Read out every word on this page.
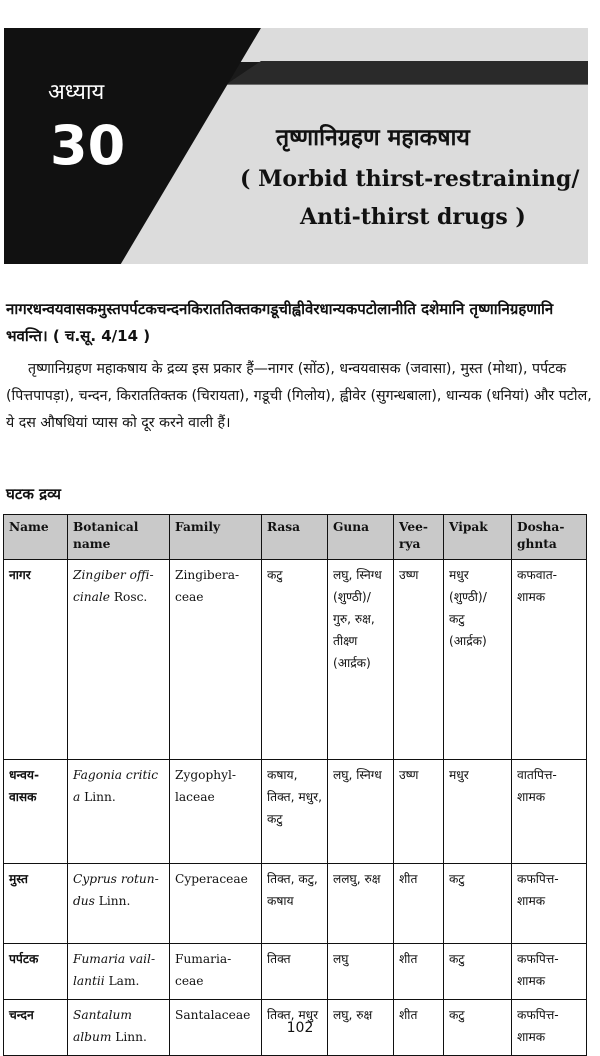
अध्याय
30	तृष्णानिग्रहण महाकषाय
( Morbid thirst-restraining/
Anti-thirst drugs )
नागरधन्वयवासकमुस्तपर्पटकचन्दनकिराततिक्तकगडूचीह्वीवेरधान्यकपटोलानीति दशेमानि तृष्णानिग्रहणानि भवन्ति। ( च.सू. 4/14 )
तृष्णानिग्रहण महाकषाय के द्रव्य इस प्रकार हैं—नागर (सोंठ), धन्वयवासक (जवासा), मुस्त (मोथा), पर्पटक (पित्तपापड़ा), चन्दन, किराततिक्तक (चिरायता), गडूची (गिलोय), ह्वीवेर (सुगन्धबाला), धान्यक (धनियां) और पटोल, ये दस औषधियां प्यास को दूर करने वाली हैं।
घटक द्रव्य
Name	Botanical name	Family	Rasa	Guna	Vee-rya	Vipak	Dosha-ghnta
नागर	Zingiber offi- cinale Rosc.	Zingibera- ceae	कटु	लघु, स्निग्ध (शुण्ठी)/ गुरु, रुक्ष, तीक्ष्ण (आर्द्रक)	उष्ण	मधुर (शुण्ठी)/ कटु (आर्द्रक)	कफवात- शामक
धन्वय- वासक	Fagonia critic a Linn.	Zygophyl- laceae	कषाय, तिक्त, मधुर, कटु	लघु, स्निग्ध	उष्ण	मधुर	वातपित्त- शामक
मुस्त	Cyprus rotun- dus Linn.	Cyperaceae	तिक्त, कटु, कषाय	ललघु, रुक्ष	शीत	कटु	कफपित्त- शामक
पर्पटक	Fumaria vail- lantii Lam.	Fumaria- ceae	तिक्त	लघु	शीत	कटु	कफपित्त- शामक
चन्दन	Santalum album Linn.	Santalaceae	तिक्त, मधुर	लघु, रुक्ष	शीत	कटु	कफपित्त- शामक
102
